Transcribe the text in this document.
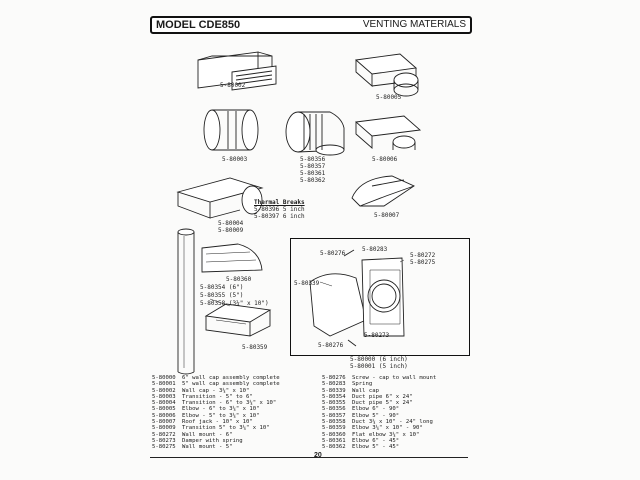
MODEL CDE850	VENTING MATERIALS
5-80002
5-80005
5-80003	5-80356
5-80357
5-80361
5-80362
5-80006
5-80004
5-80009
5-80007
Thermal Breaks
5-80396 5 inch
5-80397 6 inch
5-80360
5-80354 (6")
5-80355 (5")
5-80358 (3¼" x 10")
5-80359
5-80276
5-80283
5-80272
5-80275
5-80339
5-80273
5-80276
5-80000 (6 inch)
5-80001 (5 inch)
5-80000 6" wall cap assembly complete
5-80001 5" wall cap assembly complete
5-80002 Wall cap - 3¼" x 10"
5-80003 Transition - 5" to 6"
5-80004 Transition - 6" to 3¼" x 10"
5-80005 Elbow - 6" to 3¼" x 10"
5-80006 Elbow - 5" to 3¼" x 10"
5-80007 Roof jack - 10" x 10"
5-80009 Transition 5" to 3¼" x 10"
5-80272 Wall mount - 6"
5-80273 Damper with spring
5-80275 Wall mount - 5"
5-80276 Screw - cap to wall mount
5-80283 Spring
5-80339 Wall cap
5-80354 Duct pipe 6" x 24"
5-80355 Duct pipe 5" x 24"
5-80356 Elbow 6" - 90°
5-80357 Elbow 5" - 90°
5-80358 Duct 3¼ x 10" - 24" long
5-80359 Elbow 3¼" x 10" - 90°
5-80360 Flat elbow 3¼" x 10"
5-80361 Elbow 6" - 45°
5-80362 Elbow 5" - 45°
20
